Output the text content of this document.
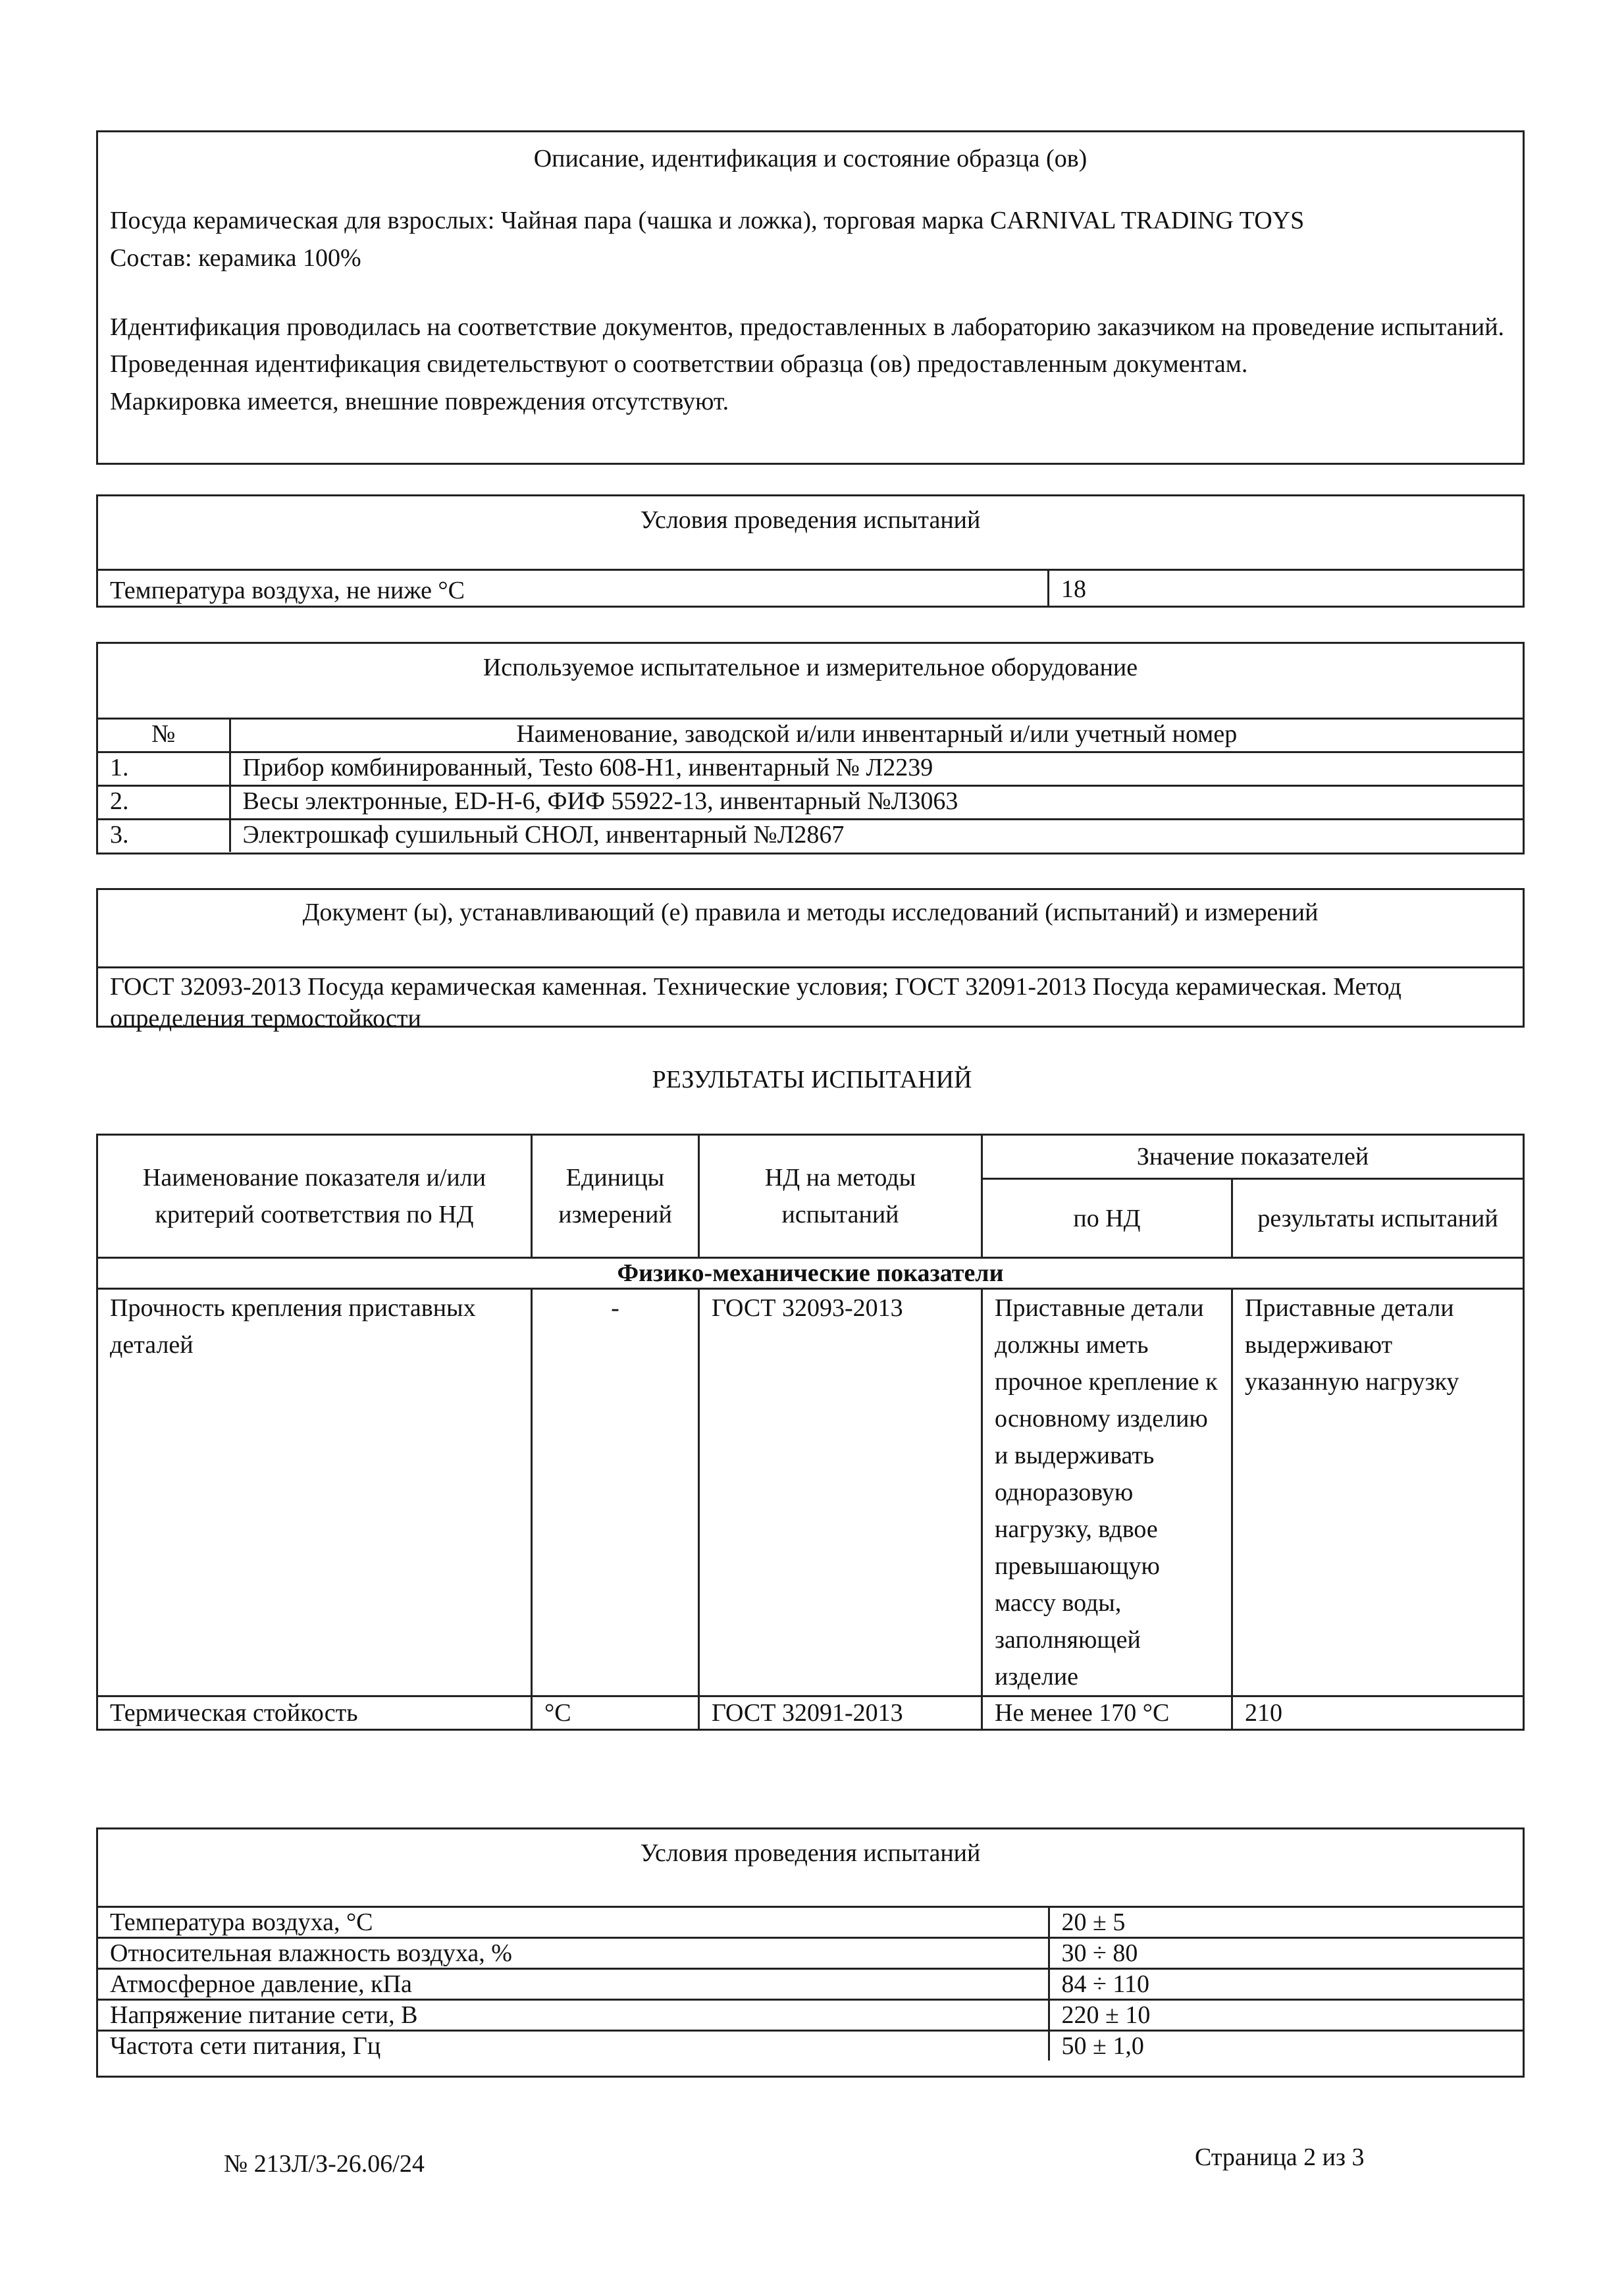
Описание, идентификация и состояние образца (ов)
Посуда керамическая для взрослых: Чайная пара (чашка и ложка), торговая марка CARNIVAL TRADING TOYS
Состав: керамика 100%
Идентификация проводилась на соответствие документов, предоставленных в лабораторию заказчиком на проведение испытаний.
Проведенная идентификация свидетельствуют о соответствии образца (ов) предоставленным документам.
Маркировка имеется, внешние повреждения отсутствуют.
Условия проведения испытаний
Температура воздуха, не ниже °С	18
Используемое испытательное и измерительное оборудование
№	Наименование, заводской и/или инвентарный и/или учетный номер
1.	Прибор комбинированный, Testo 608-H1, инвентарный № Л2239
2.	Весы электронные, ED-H-6, ФИФ 55922-13, инвентарный №Л3063
3.	Электрошкаф сушильный СНОЛ, инвентарный №Л2867
Документ (ы), устанавливающий (е) правила и методы исследований (испытаний) и измерений
ГОСТ 32093-2013 Посуда керамическая каменная. Технические условия; ГОСТ 32091-2013 Посуда керамическая. Метод определения термостойкости
РЕЗУЛЬТАТЫ ИСПЫТАНИЙ
Наименование показателя и/или критерий соответствия по НД	Единицы измерений	НД на методы испытаний	Значение показателей	
			по НД	результаты испытаний
Физико-механические показатели				
Прочность крепления приставных деталей	-	ГОСТ 32093-2013	Приставные детали должны иметь прочное крепление к основному изделию и выдерживать одноразовую нагрузку, вдвое превышающую массу воды, заполняющей изделие	Приставные детали выдерживают указанную нагрузку
Термическая стойкость	°С	ГОСТ 32091-2013	Не менее 170 °С	210
Условия проведения испытаний
Температура воздуха, °С	20 ± 5
Относительная влажность воздуха, %	30 ÷ 80
Атмосферное давление, кПа	84 ÷ 110
Напряжение питание сети, В	220 ± 10
Частота сети питания, Гц	50 ± 1,0
№ 213Л/З-26.06/24	Страница 2 из 3
